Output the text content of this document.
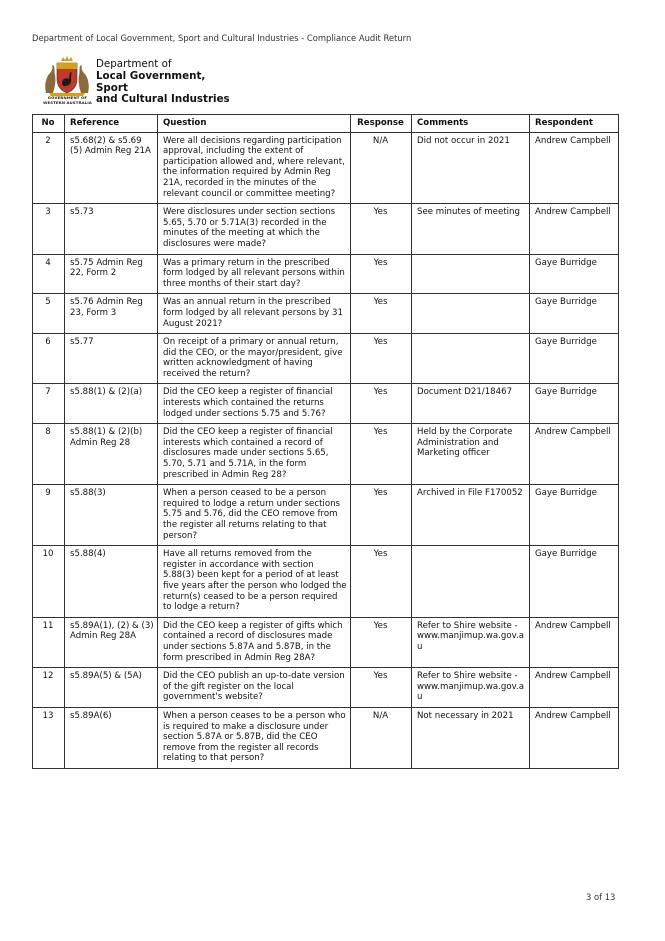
Department of Local Government, Sport and Cultural Industries - Compliance Audit Return
GOVERNMENT OF
WESTERN AUSTRALIA
Department of
Local Government, Sport
and Cultural Industries
No	Reference	Question	Response	Comments	Respondent
2	s5.68(2) & s5.69 (5) Admin Reg 21A	Were all decisions regarding participation approval, including the extent of participation allowed and, where relevant, the information required by Admin Reg 21A, recorded in the minutes of the relevant council or committee meeting?	N/A	Did not occur in 2021	Andrew Campbell
3	s5.73	Were disclosures under section sections 5.65, 5.70 or 5.71A(3) recorded in the minutes of the meeting at which the disclosures were made?	Yes	See minutes of meeting	Andrew Campbell
4	s5.75 Admin Reg 22, Form 2	Was a primary return in the prescribed form lodged by all relevant persons within three months of their start day?	Yes		Gaye Burridge
5	s5.76 Admin Reg 23, Form 3	Was an annual return in the prescribed form lodged by all relevant persons by 31 August 2021?	Yes		Gaye Burridge
6	s5.77	On receipt of a primary or annual return, did the CEO, or the mayor/president, give written acknowledgment of having received the return?	Yes		Gaye Burridge
7	s5.88(1) & (2)(a)	Did the CEO keep a register of financial interests which contained the returns lodged under sections 5.75 and 5.76?	Yes	Document D21/18467	Gaye Burridge
8	s5.88(1) & (2)(b) Admin Reg 28	Did the CEO keep a register of financial interests which contained a record of disclosures made under sections 5.65, 5.70, 5.71 and 5.71A, in the form prescribed in Admin Reg 28?	Yes	Held by the Corporate Administration and Marketing officer	Andrew Campbell
9	s5.88(3)	When a person ceased to be a person required to lodge a return under sections 5.75 and 5.76, did the CEO remove from the register all returns relating to that person?	Yes	Archived in File F170052	Gaye Burridge
10	s5.88(4)	Have all returns removed from the register in accordance with section 5.88(3) been kept for a period of at least five years after the person who lodged the return(s) ceased to be a person required to lodge a return?	Yes		Gaye Burridge
11	s5.89A(1), (2) & (3) Admin Reg 28A	Did the CEO keep a register of gifts which contained a record of disclosures made under sections 5.87A and 5.87B, in the form prescribed in Admin Reg 28A?	Yes	Refer to Shire website - www.manjimup.wa.gov.au	Andrew Campbell
12	s5.89A(5) & (5A)	Did the CEO publish an up-to-date version of the gift register on the local government's website?	Yes	Refer to Shire website - www.manjimup.wa.gov.au	Andrew Campbell
13	s5.89A(6)	When a person ceases to be a person who is required to make a disclosure under section 5.87A or 5.87B, did the CEO remove from the register all records relating to that person?	N/A	Not necessary in 2021	Andrew Campbell
3 of 13
